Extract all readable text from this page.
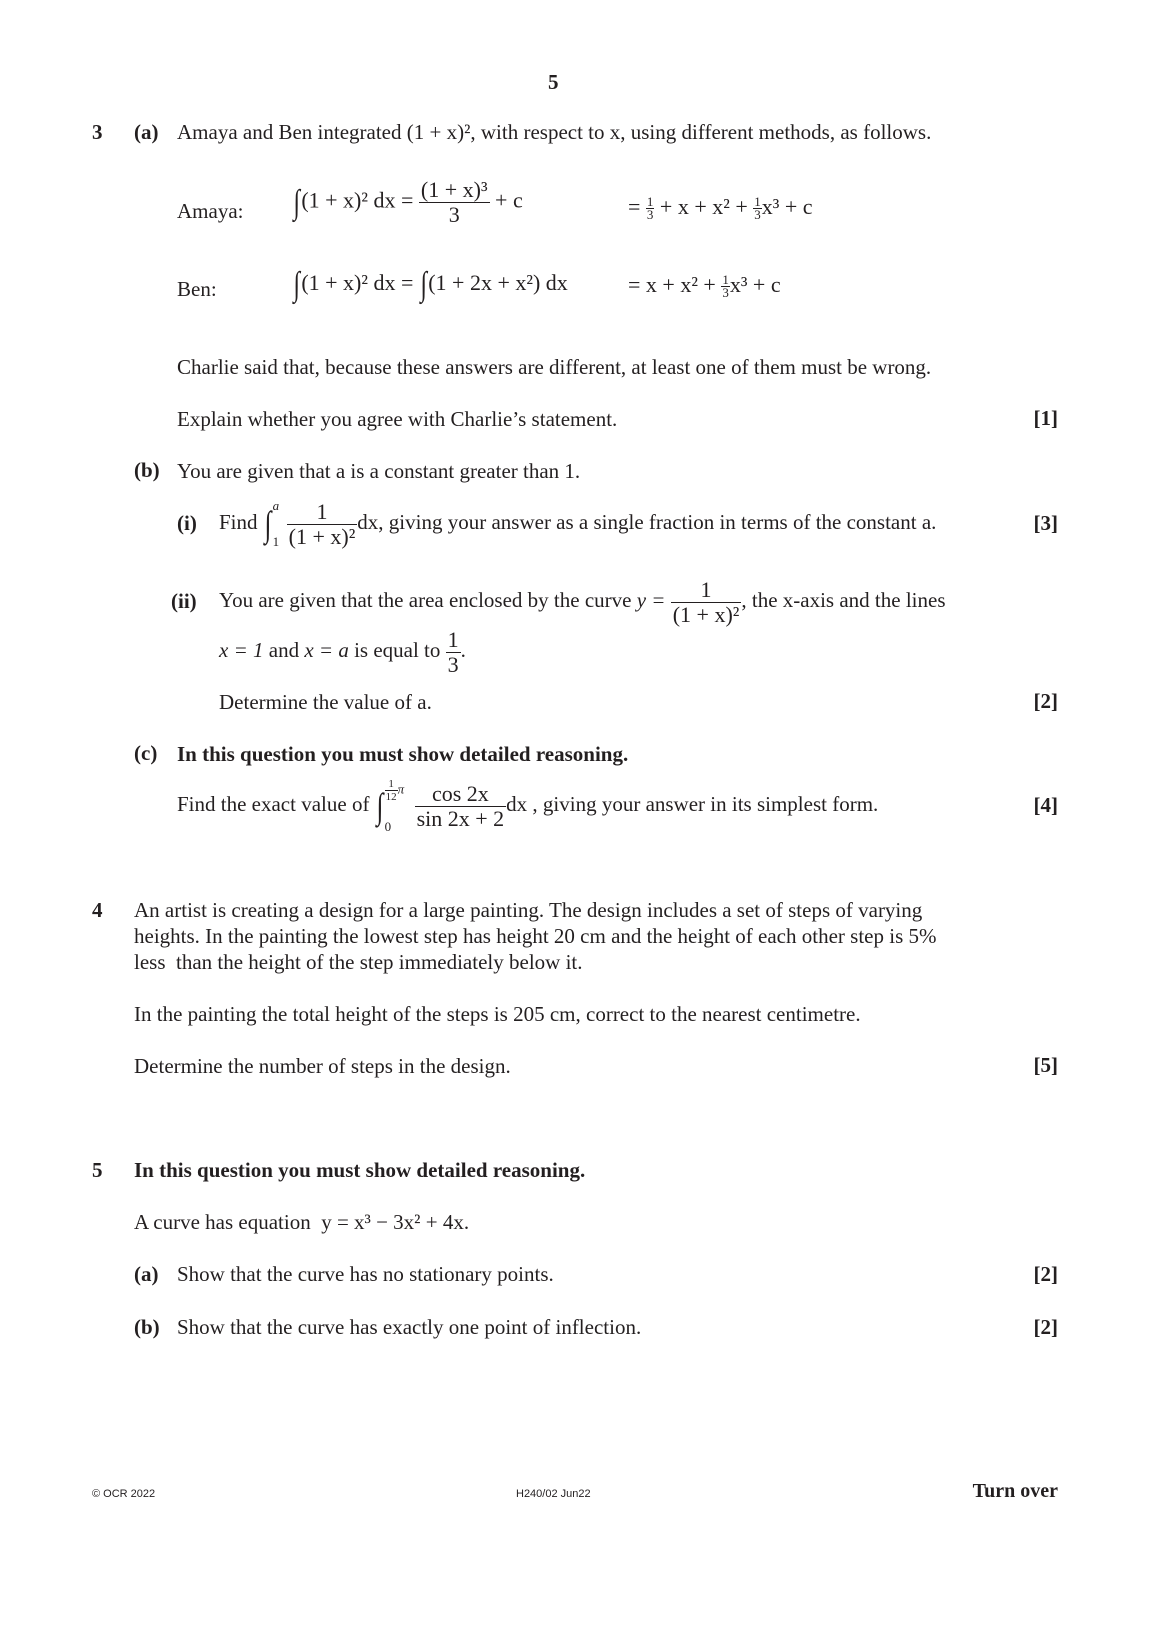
5
3 (a) Amaya and Ben integrated (1 + x)², with respect to x, using different methods, as follows.
Amaya: ∫(1 + x)² dx = $\frac{\text{(1 + x)³}}{3} + c$	= $\frac{1}{3} + x + x^2 + \frac{1}{3} x^3 + c$
Ben: ∫(1 + x)² dx = ∫(1 + 2x + x²) dx	= $x + x^2 + \frac{1}{3} x^3 + c$
Charlie said that, because these answers are different, at least one of them must be wrong.
Explain whether you agree with Charlie’s statement.	[1]
(b) You are given that a is a constant greater than 1.
(i) Find ∫ a
$1 \frac{1}{\text{(1 + x)²}}$ dx, giving your answer as a single fraction in terms of the constant a.	[3]
(ii) You are given that the area enclosed by the curve $y = \frac{1}{\text{(1 + x)²}}$ , the x-axis and the lines
x = 1 and x = a is equal to $\frac{1}{3}$ .
Determine the value of a.	[2]
(c) In this question you must show detailed reasoning.
Find the exact value of ∫ $\frac{1}{12}$ π
$0 \frac{\cos 2x}{\sin 2x + 2}$ dx , giving your answer in its simplest form.	[4]
4 An artist is creating a design for a large painting. The design includes a set of steps of varying
heights. In the painting the lowest step has height 20 cm and the height of each other step is 5%
less  than the height of the step immediately below it.
In the painting the total height of the steps is 205 cm, correct to the nearest centimetre.
Determine the number of steps in the design.	[5]
5 In this question you must show detailed reasoning.
A curve has equation  y = x³ − 3x² + 4x.
(a) Show that the curve has no stationary points.	[2]
(b) Show that the curve has exactly one point of inflection.	[2]
© OCR 2022	H240/02 Jun22	Turn over
